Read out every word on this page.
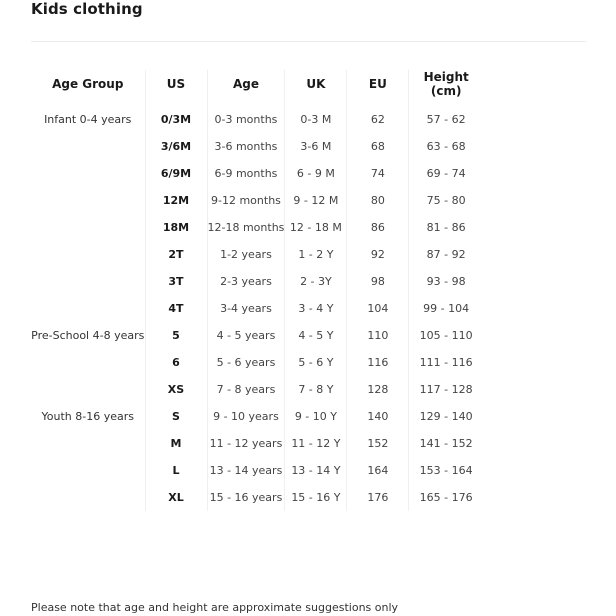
Kids clothing
Age Group	US	Age	UK	EU	Height (cm)
Infant 0-4 years	0/3M	0-3 months	0-3 M	62	57 - 62
	3/6M	3-6 months	3-6 M	68	63 - 68
	6/9M	6-9 months	6 - 9 M	74	69 - 74
	12M	9-12 months	9 - 12 M	80	75 - 80
	18M	12-18 months	12 - 18 M	86	81 - 86
	2T	1-2 years	1 - 2 Y	92	87 - 92
	3T	2-3 years	2 - 3Y	98	93 - 98
	4T	3-4 years	3 - 4 Y	104	99 - 104
Pre-School 4-8 years	5	4 - 5 years	4 - 5 Y	110	105 - 110
	6	5 - 6 years	5 - 6 Y	116	111 - 116
	XS	7 - 8 years	7 - 8 Y	128	117 - 128
Youth 8-16 years	S	9 - 10 years	9 - 10 Y	140	129 - 140
	M	11 - 12 years	11 - 12 Y	152	141 - 152
	L	13 - 14 years	13 - 14 Y	164	153 - 164
	XL	15 - 16 years	15 - 16 Y	176	165 - 176
Please note that age and height are approximate suggestions only
